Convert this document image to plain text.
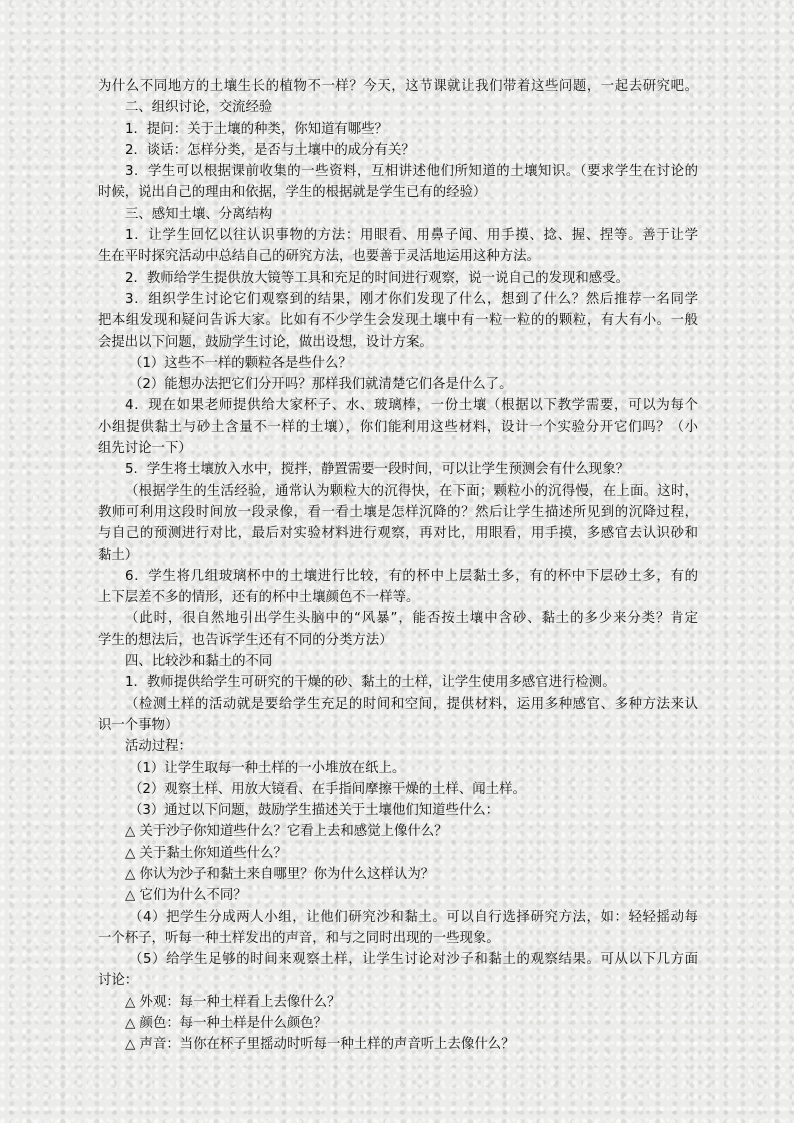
为什么不同地方的土壤生长的植物不一样？今天，这节课就让我们带着这些问题，一起去研究吧。
二、组织讨论，交流经验
1．提问：关于土壤的种类，你知道有哪些？
2．谈话：怎样分类，是否与土壤中的成分有关？
3．学生可以根据课前收集的一些资料，互相讲述他们所知道的土壤知识。（要求学生在讨论的
时候，说出自己的理由和依据，学生的根据就是学生已有的经验）
三、感知土壤、分离结构
1．让学生回忆以往认识事物的方法：用眼看、用鼻子闻、用手摸、捻、握、捏等。善于让学
生在平时探究活动中总结自己的研究方法，也要善于灵活地运用这种方法。
2．教师给学生提供放大镜等工具和充足的时间进行观察，说一说自己的发现和感受。
3．组织学生讨论它们观察到的结果，刚才你们发现了什么，想到了什么？然后推荐一名同学
把本组发现和疑问告诉大家。比如有不少学生会发现土壤中有一粒一粒的的颗粒，有大有小。一般
会提出以下问题，鼓励学生讨论，做出设想，设计方案。
（1）这些不一样的颗粒各是些什么？
（2）能想办法把它们分开吗？那样我们就清楚它们各是什么了。
4．现在如果老师提供给大家杯子、水、玻璃棒，一份土壤（根据以下教学需要，可以为每个
小组提供黏土与砂土含量不一样的土壤），你们能利用这些材料，设计一个实验分开它们吗？（小
组先讨论一下）
5．学生将土壤放入水中，搅拌，静置需要一段时间，可以让学生预测会有什么现象？
（根据学生的生活经验，通常认为颗粒大的沉得快，在下面；颗粒小的沉得慢，在上面。这时，
教师可利用这段时间放一段录像，看一看土壤是怎样沉降的？然后让学生描述所见到的沉降过程，
与自己的预测进行对比，最后对实验材料进行观察，再对比，用眼看，用手摸，多感官去认识砂和
黏土）
6．学生将几组玻璃杯中的土壤进行比较，有的杯中上层黏土多，有的杯中下层砂土多，有的
上下层差不多的情形，还有的杯中土壤颜色不一样等。
（此时，很自然地引出学生头脑中的“风暴”，能否按土壤中含砂、黏土的多少来分类？肯定
学生的想法后，也告诉学生还有不同的分类方法）
四、比较沙和黏土的不同
1．教师提供给学生可研究的干燥的砂、黏土的土样，让学生使用多感官进行检测。
（检测土样的活动就是要给学生充足的时间和空间，提供材料，运用多种感官、多种方法来认
识一个事物）
活动过程：
（1）让学生取每一种土样的一小堆放在纸上。
（2）观察土样、用放大镜看、在手指间摩擦干燥的土样、闻土样。
（3）通过以下问题，鼓励学生描述关于土壤他们知道些什么：
△ 关于沙子你知道些什么？它看上去和感觉上像什么？
△ 关于黏土你知道些什么？
△ 你认为沙子和黏土来自哪里？你为什么这样认为？
△ 它们为什么不同？
（4）把学生分成两人小组，让他们研究沙和黏土。可以自行选择研究方法，如：轻轻摇动每
一个杯子，听每一种土样发出的声音，和与之同时出现的一些现象。
（5）给学生足够的时间来观察土样，让学生讨论对沙子和黏土的观察结果。可从以下几方面
讨论：
△ 外观：每一种土样看上去像什么？
△ 颜色：每一种土样是什么颜色？
△ 声音：当你在杯子里摇动时听每一种土样的声音听上去像什么？
